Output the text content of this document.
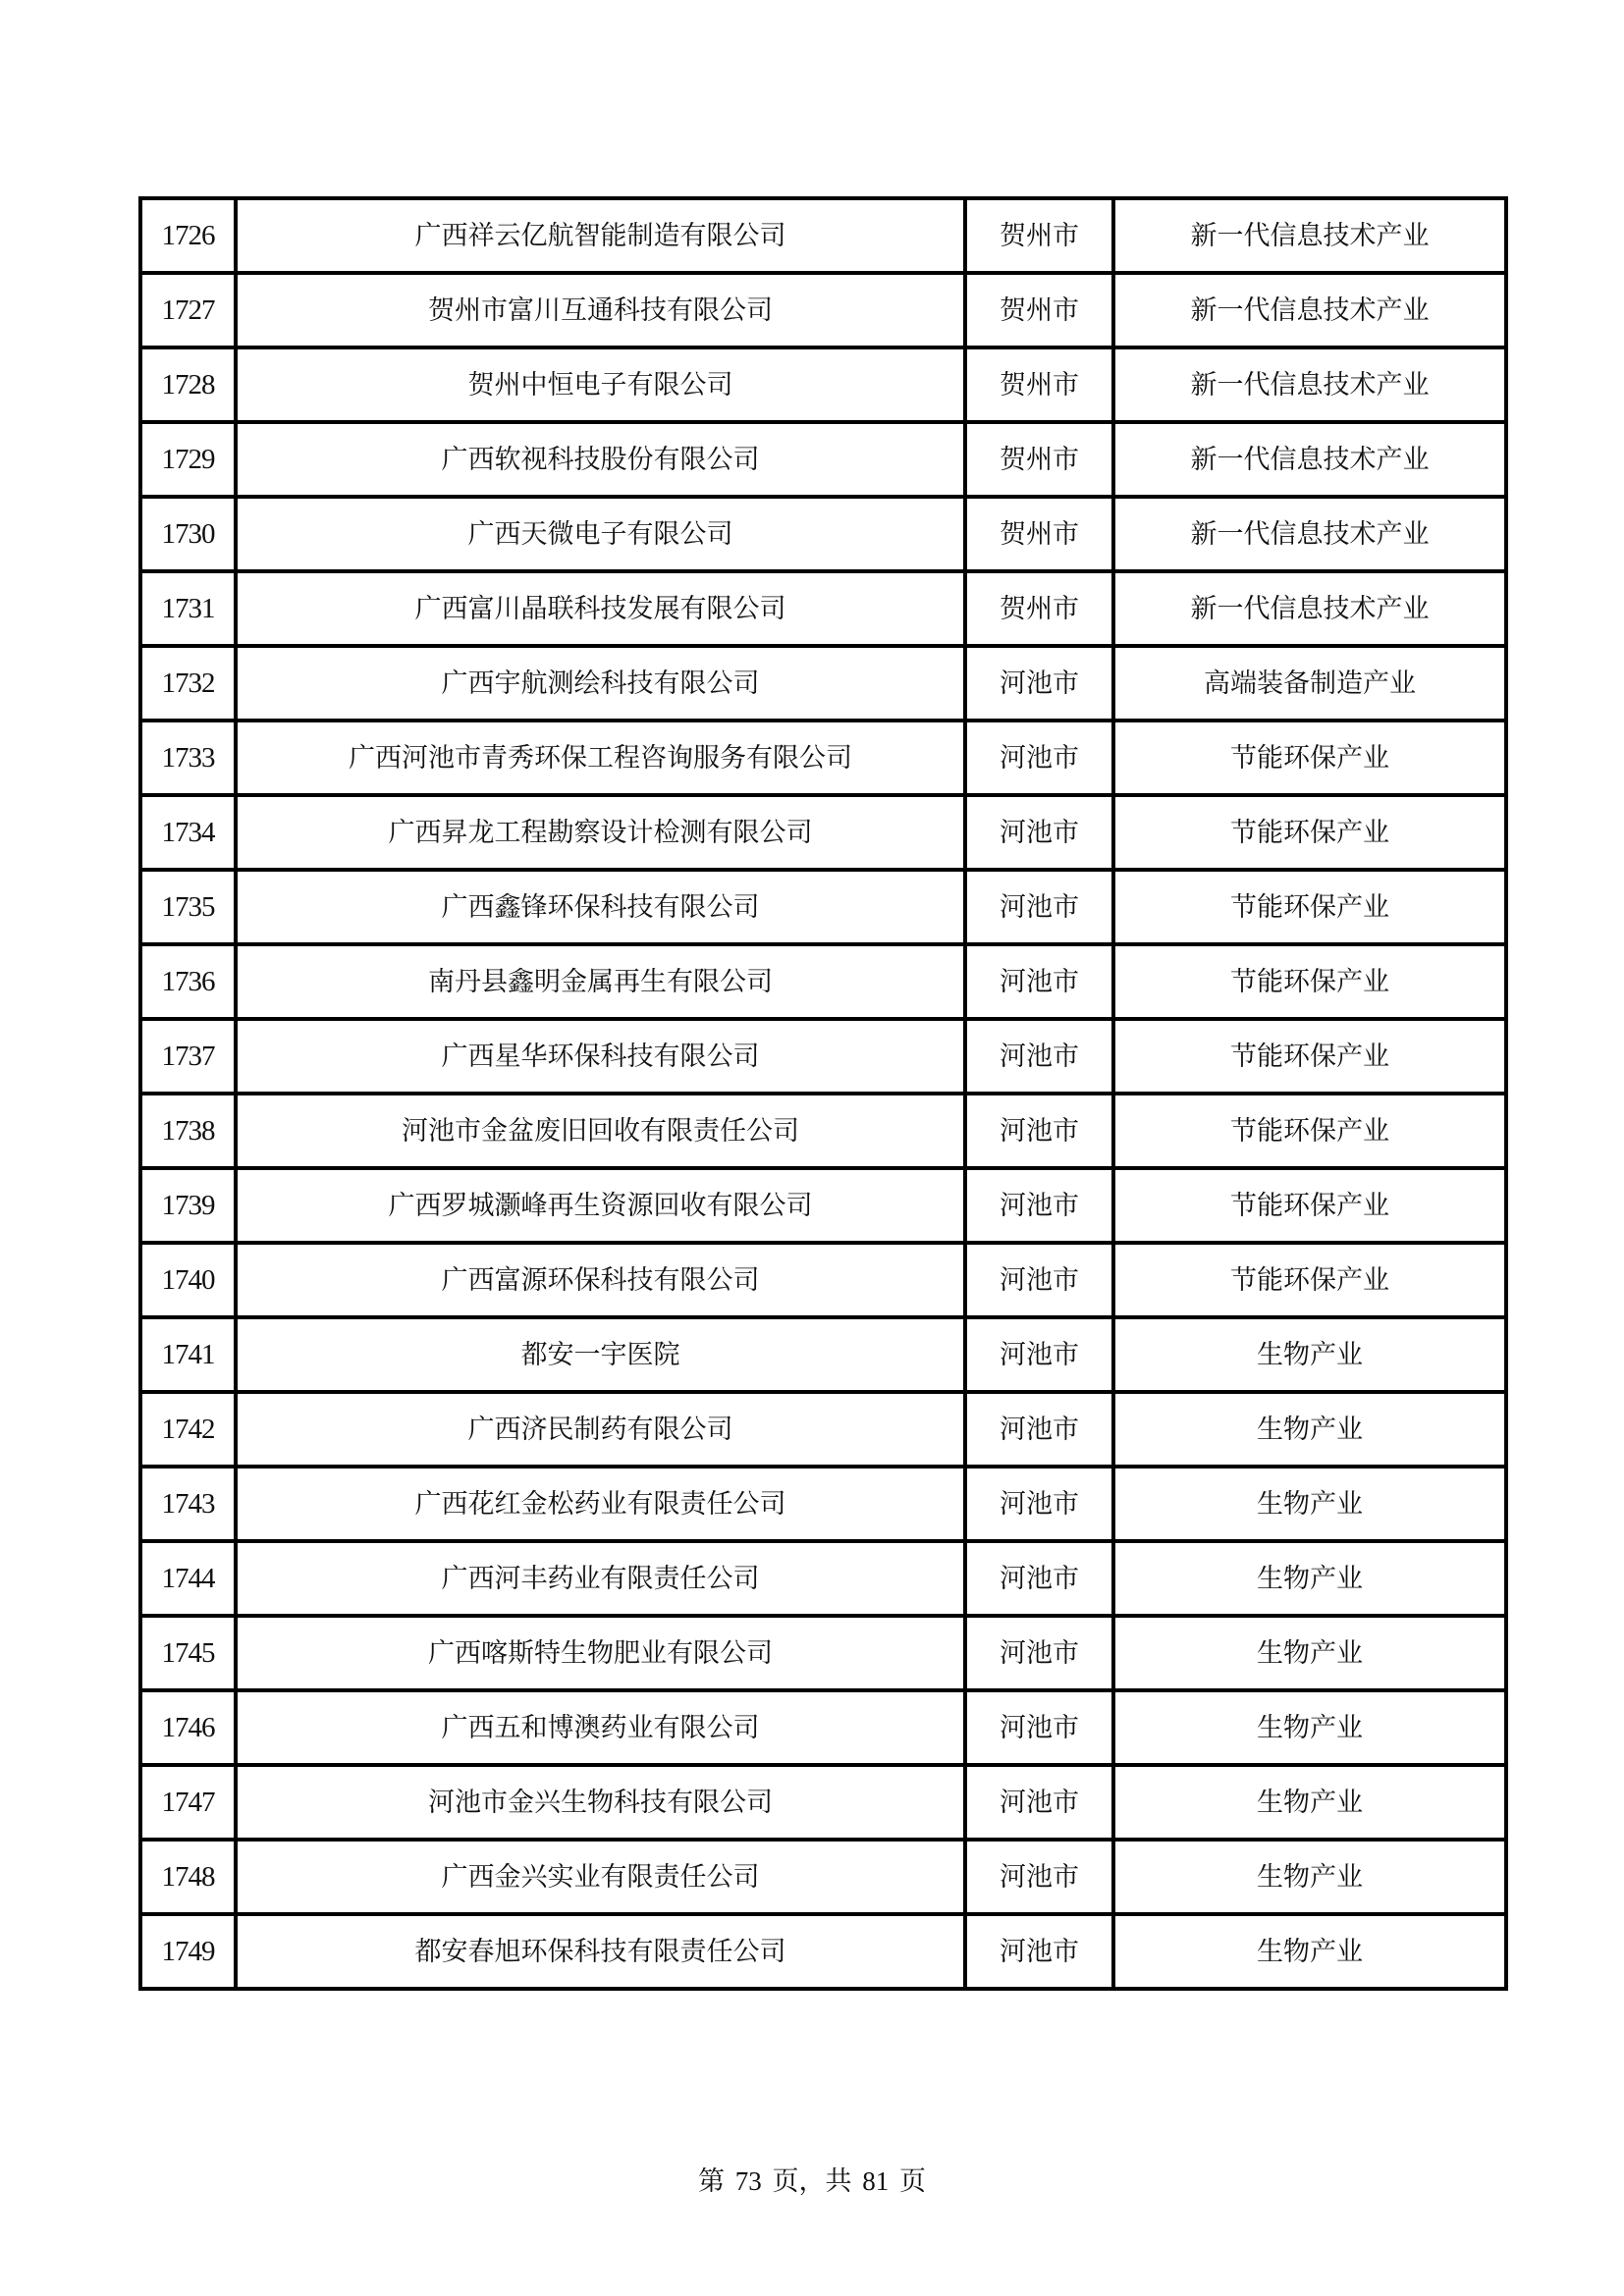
1726	广西祥云亿航智能制造有限公司	贺州市	新一代信息技术产业
1727	贺州市富川互通科技有限公司	贺州市	新一代信息技术产业
1728	贺州中恒电子有限公司	贺州市	新一代信息技术产业
1729	广西软视科技股份有限公司	贺州市	新一代信息技术产业
1730	广西天微电子有限公司	贺州市	新一代信息技术产业
1731	广西富川晶联科技发展有限公司	贺州市	新一代信息技术产业
1732	广西宇航测绘科技有限公司	河池市	高端装备制造产业
1733	广西河池市青秀环保工程咨询服务有限公司	河池市	节能环保产业
1734	广西昇龙工程勘察设计检测有限公司	河池市	节能环保产业
1735	广西鑫锋环保科技有限公司	河池市	节能环保产业
1736	南丹县鑫明金属再生有限公司	河池市	节能环保产业
1737	广西星华环保科技有限公司	河池市	节能环保产业
1738	河池市金盆废旧回收有限责任公司	河池市	节能环保产业
1739	广西罗城灏峰再生资源回收有限公司	河池市	节能环保产业
1740	广西富源环保科技有限公司	河池市	节能环保产业
1741	都安一宇医院	河池市	生物产业
1742	广西济民制药有限公司	河池市	生物产业
1743	广西花红金松药业有限责任公司	河池市	生物产业
1744	广西河丰药业有限责任公司	河池市	生物产业
1745	广西喀斯特生物肥业有限公司	河池市	生物产业
1746	广西五和博澳药业有限公司	河池市	生物产业
1747	河池市金兴生物科技有限公司	河池市	生物产业
1748	广西金兴实业有限责任公司	河池市	生物产业
1749	都安春旭环保科技有限责任公司	河池市	生物产业
第 73 页，共 81 页
